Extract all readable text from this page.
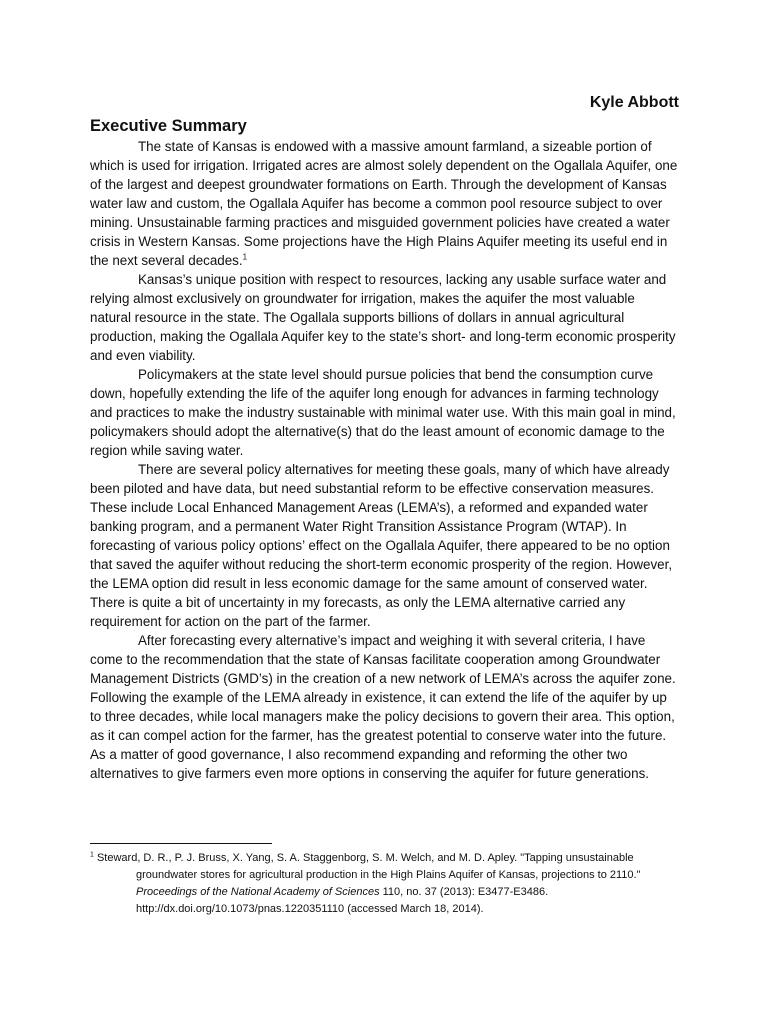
Kyle Abbott

Executive Summary

The state of Kansas is endowed with a massive amount farmland, a sizeable portion of which is used for irrigation. Irrigated acres are almost solely dependent on the Ogallala Aquifer, one of the largest and deepest groundwater formations on Earth. Through the development of Kansas water law and custom, the Ogallala Aquifer has become a common pool resource subject to over mining. Unsustainable farming practices and misguided government policies have created a water crisis in Western Kansas. Some projections have the High Plains Aquifer meeting its useful end in the next several decades.$^1$

Kansas’s unique position with respect to resources, lacking any usable surface water and relying almost exclusively on groundwater for irrigation, makes the aquifer the most valuable natural resource in the state. The Ogallala supports billions of dollars in annual agricultural production, making the Ogallala Aquifer key to the state’s short- and long-term economic prosperity and even viability.

Policymakers at the state level should pursue policies that bend the consumption curve down, hopefully extending the life of the aquifer long enough for advances in farming technology and practices to make the industry sustainable with minimal water use. With this main goal in mind, policymakers should adopt the alternative(s) that do the least amount of economic damage to the region while saving water.

There are several policy alternatives for meeting these goals, many of which have already been piloted and have data, but need substantial reform to be effective conservation measures. These include Local Enhanced Management Areas (LEMA’s), a reformed and expanded water banking program, and a permanent Water Right Transition Assistance Program (WTAP). In forecasting of various policy options’ effect on the Ogallala Aquifer, there appeared to be no option that saved the aquifer without reducing the short-term economic prosperity of the region. However, the LEMA option did result in less economic damage for the same amount of conserved water. There is quite a bit of uncertainty in my forecasts, as only the LEMA alternative carried any requirement for action on the part of the farmer.

After forecasting every alternative’s impact and weighing it with several criteria, I have come to the recommendation that the state of Kansas facilitate cooperation among Groundwater Management Districts (GMD’s) in the creation of a new network of LEMA’s across the aquifer zone. Following the example of the LEMA already in existence, it can extend the life of the aquifer by up to three decades, while local managers make the policy decisions to govern their area. This option, as it can compel action for the farmer, has the greatest potential to conserve water into the future. As a matter of good governance, I also recommend expanding and reforming the other two alternatives to give farmers even more options in conserving the aquifer for future generations.

$^1$ Steward, D. R., P. J. Bruss, X. Yang, S. A. Staggenborg, S. M. Welch, and M. D. Apley. "Tapping unsustainable

groundwater stores for agricultural production in the High Plains Aquifer of Kansas, projections to 2110."

Proceedings of the National Academy of Sciences 110, no. 37 (2013): E3477-E3486.

http://dx.doi.org/10.1073/pnas.1220351110 (accessed March 18, 2014).
